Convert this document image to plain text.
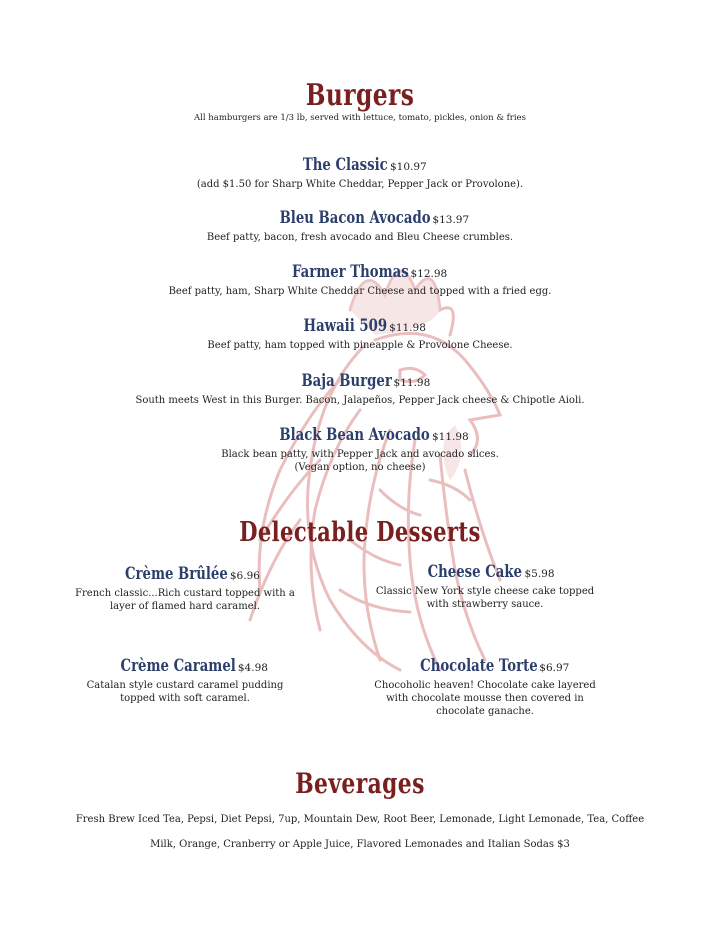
Burgers
All hamburgers are 1/3 lb, served with lettuce, tomato, pickles, onion & fries
The Classic $10.97
(add $1.50 for Sharp White Cheddar, Pepper Jack or Provolone).
Bleu Bacon Avocado $13.97
Beef patty, bacon, fresh avocado and Bleu Cheese crumbles.
Farmer Thomas $12.98
Beef patty, ham, Sharp White Cheddar Cheese and topped with a fried egg.
Hawaii 509 $11.98
Beef patty, ham topped with pineapple & Provolone Cheese.
Baja Burger $11.98
South meets West in this Burger. Bacon, Jalapeños, Pepper Jack cheese & Chipotle Aioli.
Black Bean Avocado $11.98
Black bean patty, with Pepper Jack and avocado slices.
(Vegan option, no cheese)
Delectable Desserts
Crème Brûlée $6.96
French classic...Rich custard topped with a
layer of flamed hard caramel.
Cheese Cake $5.98
Classic New York style cheese cake topped
with strawberry sauce.
Crème Caramel $4.98
Catalan style custard caramel pudding
topped with soft caramel.
Chocolate Torte $6.97
Chocoholic heaven! Chocolate cake layered
with chocolate mousse then covered in
chocolate ganache.
Beverages
Fresh Brew Iced Tea, Pepsi, Diet Pepsi, 7up, Mountain Dew, Root Beer, Lemonade, Light Lemonade, Tea, Coffee
Milk, Orange, Cranberry or Apple Juice, Flavored Lemonades and Italian Sodas $3
